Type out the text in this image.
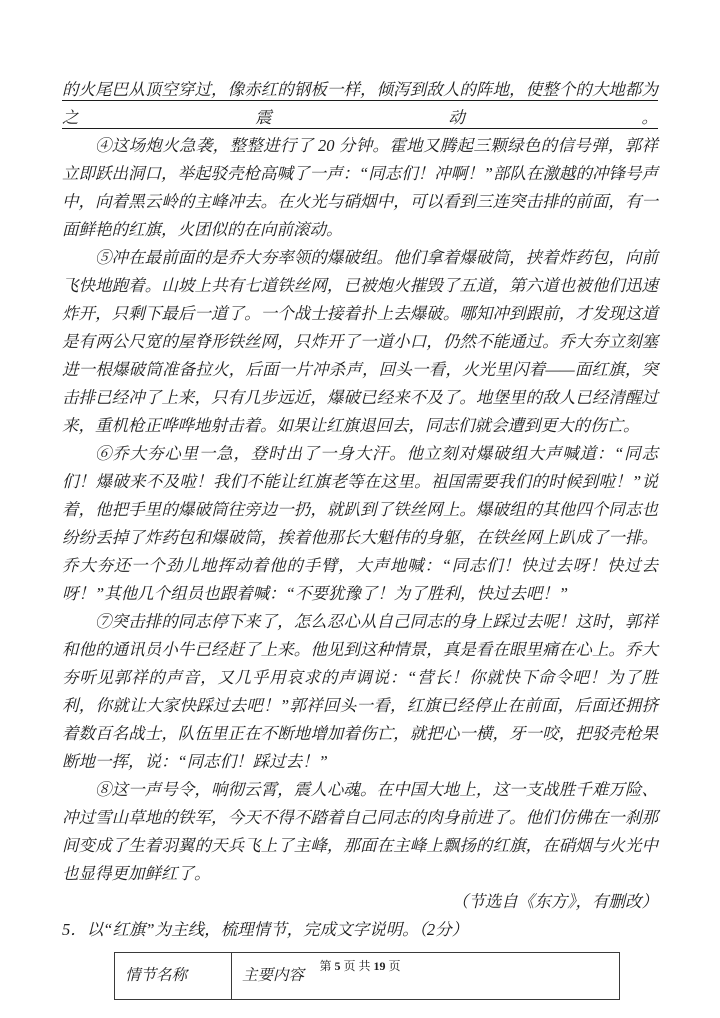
的火尾巴从顶空穿过，像赤红的钢板一样，倾泻到敌人的阵地，使整个的大地都为之震动。

④这场炮火急袭，整整进行了 20 分钟。霍地又腾起三颗绿色的信号弹，郭祥立即跃出洞口，举起驳壳枪高喊了一声：“同志们！冲啊！”部队在激越的冲锋号声中，向着黑云岭的主峰冲去。在火光与硝烟中，可以看到三连突击排的前面，有一面鲜艳的红旗，火团似的在向前滚动。

⑤冲在最前面的是乔大夯率领的爆破组。他们拿着爆破筒，挟着炸药包，向前飞快地跑着。山坡上共有七道铁丝网，已被炮火摧毁了五道，第六道也被他们迅速炸开，只剩下最后一道了。一个战士接着扑上去爆破。哪知冲到跟前，才发现这道是有两公尺宽的屋脊形铁丝网，只炸开了一道小口，仍然不能通过。乔大夯立刻塞进一根爆破筒准备拉火，后面一片冲杀声，回头一看，火光里闪着——面红旗，突击排已经冲了上来，只有几步远近，爆破已经来不及了。地堡里的敌人已经清醒过来，重机枪正哗哗地射击着。如果让红旗退回去，同志们就会遭到更大的伤亡。

⑥乔大夯心里一急，登时出了一身大汗。他立刻对爆破组大声喊道：“同志们！爆破来不及啦！我们不能让红旗老等在这里。祖国需要我们的时候到啦！”说着，他把手里的爆破筒往旁边一扔，就趴到了铁丝网上。爆破组的其他四个同志也纷纷丢掉了炸药包和爆破筒，挨着他那长大魁伟的身躯，在铁丝网上趴成了一排。乔大夯还一个劲儿地挥动着他的手臂，大声地喊：“同志们！快过去呀！快过去呀！”其他几个组员也跟着喊：“不要犹豫了！为了胜利，快过去吧！”

⑦突击排的同志停下来了，怎么忍心从自己同志的身上踩过去呢！这时，郭祥和他的通讯员小牛已经赶了上来。他见到这种情景，真是看在眼里痛在心上。乔大夯听见郭祥的声音，又几乎用哀求的声调说：“营长！你就快下命令吧！为了胜利，你就让大家快踩过去吧！”郭祥回头一看，红旗已经停止在前面，后面还拥挤着数百名战士，队伍里正在不断地增加着伤亡，就把心一横，牙一咬，把驳壳枪果断地一挥，说：“同志们！踩过去！”

⑧这一声号令，响彻云霄，震人心魂。在中国大地上，这一支战胜千难万险、冲过雪山草地的铁军，今天不得不踏着自己同志的肉身前进了。他们仿佛在一刹那间变成了生着羽翼的天兵飞上了主峰，那面在主峰上飘扬的红旗，在硝烟与火光中也显得更加鲜红了。

（节选自《东方》，有删改）

5．以“红旗”为主线，梳理情节，完成文字说明。（2分）

情节名称	主要内容
第 5 页 共 19 页
